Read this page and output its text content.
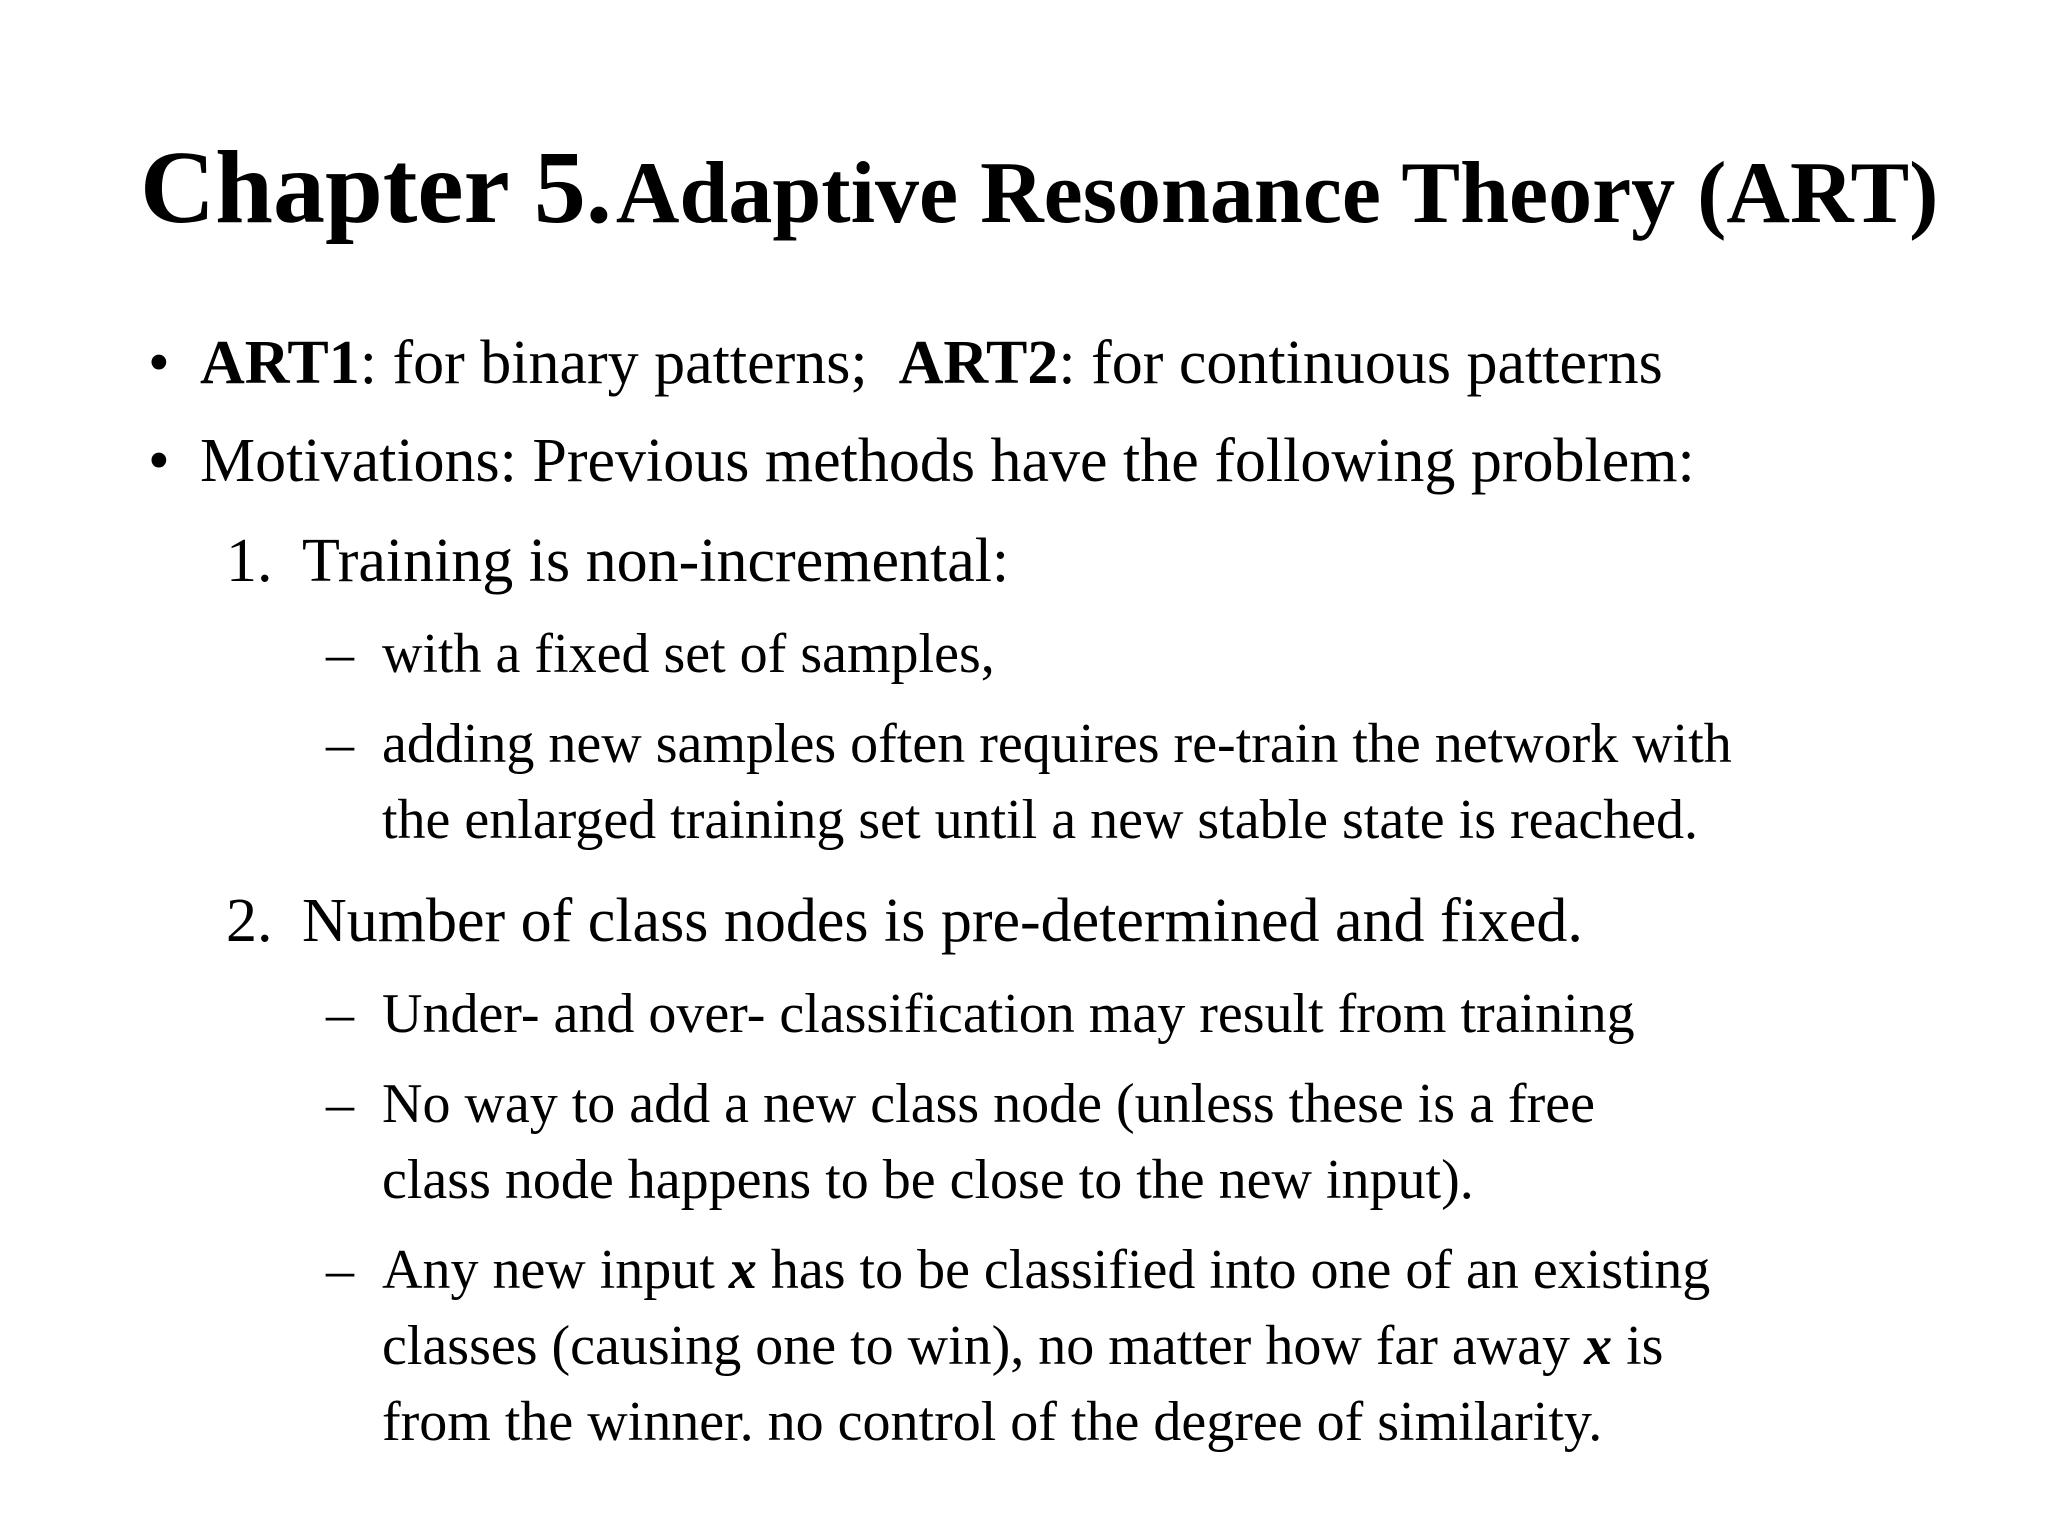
Chapter 5. Adaptive Resonance Theory (ART)
• ART1: for binary patterns; ART2: for continuous patterns
• Motivations: Previous methods have the following problem:
1. Training is non-incremental:
– with a fixed set of samples,
– adding new samples often requires re-train the network with
the enlarged training set until a new stable state is reached.
2. Number of class nodes is pre-determined and fixed.
– Under- and over- classification may result from training
– No way to add a new class node (unless these is a free
class node happens to be close to the new input).
– Any new input x has to be classified into one of an existing
classes (causing one to win), no matter how far away x is
from the winner. no control of the degree of similarity.
